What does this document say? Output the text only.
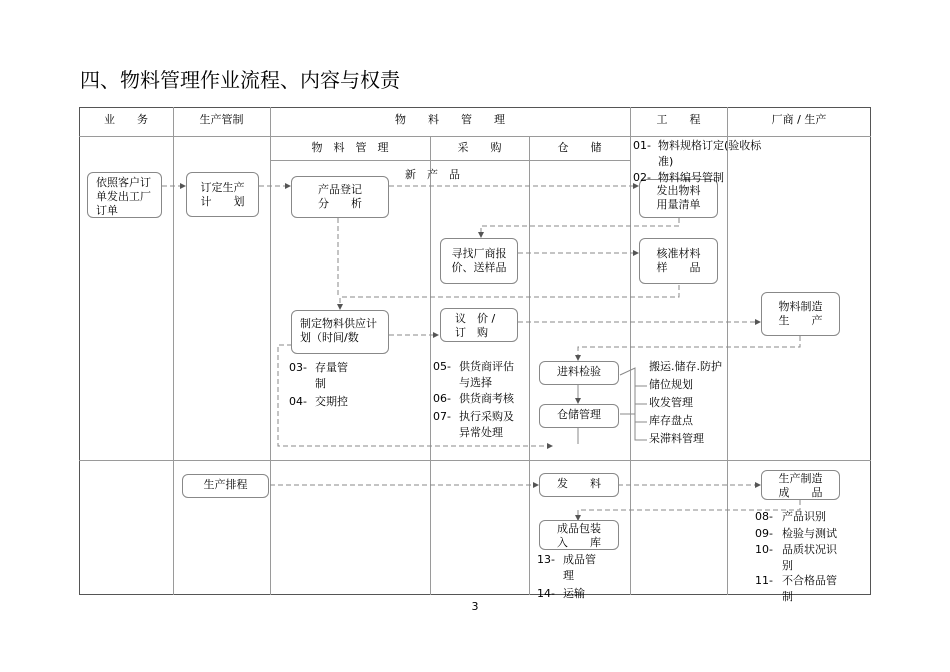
四、物料管理作业流程、内容与权责
业　　务	生产管制	物　　料　　管　　理	工　　程	厂商 / 生产
物　料　管　理	采　　购	仓　　储
新　产　品
依照客户订
单发出工厂
订单
订定生产
计　　划
产品登记
分　　析
发出物料
用量清单
寻找厂商报
价、送样品
核准材料
样　　品
制定物料供应计
划（时间/数
议　价 /
订　购
物料制造
生　　产
进料检验
仓储管理
生产排程	发　　料	生产制造
成　　品
成品包装
入　　库
01- 物料规格订定(验收标
准)
02- 物料编号管制
03- 存量管
制
04- 交期控
05- 供货商评估
与选择
06- 供货商考核
07- 执行采购及
异常处理
搬运.储存.防护
储位规划
收发管理
库存盘点
呆滞料管理
08- 产品识别
09- 检验与测试
10- 品质状况识
别
11- 不合格品管
制
13- 成品管
理
14- 运输
3
